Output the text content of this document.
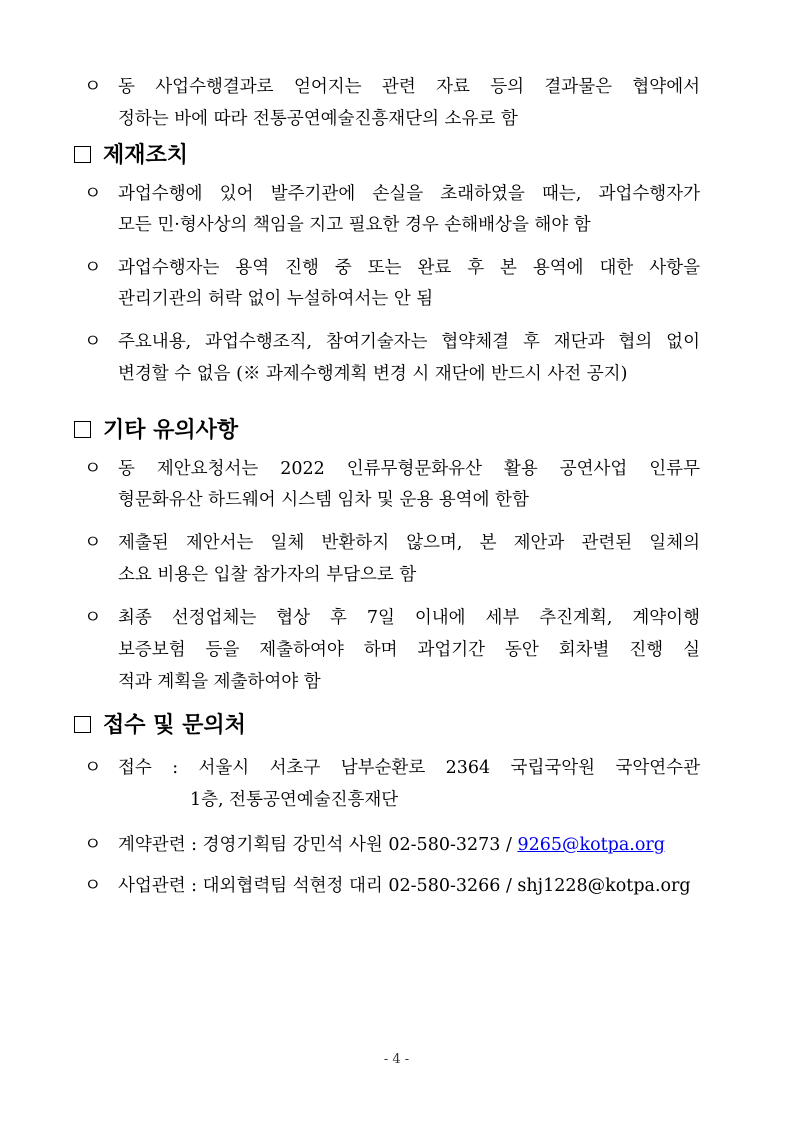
ㅇ 동 사업수행결과로 얻어지는 관련 자료 등의 결과물은 협약에서
정하는 바에 따라 전통공연예술진흥재단의 소유로 함
제재조치
ㅇ 과업수행에 있어 발주기관에 손실을 초래하였을 때는, 과업수행자가
모든 민·형사상의 책임을 지고 필요한 경우 손해배상을 해야 함
ㅇ 과업수행자는 용역 진행 중 또는 완료 후 본 용역에 대한 사항을
관리기관의 허락 없이 누설하여서는 안 됨
ㅇ 주요내용, 과업수행조직, 참여기술자는 협약체결 후 재단과 협의 없이
변경할 수 없음 (※ 과제수행계획 변경 시 재단에 반드시 사전 공지)
기타 유의사항
ㅇ 동 제안요청서는 2022 인류무형문화유산 활용 공연사업 인류무
형문화유산 하드웨어 시스템 임차 및 운용 용역에 한함
ㅇ 제출된 제안서는 일체 반환하지 않으며, 본 제안과 관련된 일체의
소요 비용은 입찰 참가자의 부담으로 함
ㅇ 최종 선정업체는 협상 후 7일 이내에 세부 추진계획, 계약이행
보증보험 등을 제출하여야 하며 과업기간 동안 회차별 진행 실
적과 계획을 제출하여야 함
접수 및 문의처
ㅇ 접수 : 서울시 서초구 남부순환로 2364 국립국악원 국악연수관
1층, 전통공연예술진흥재단
ㅇ 계약관련 : 경영기획팀 강민석 사원 02-580-3273 / 9265@kotpa.org
ㅇ 사업관련 : 대외협력팀 석현정 대리 02-580-3266 / shj1228@kotpa.org
- 4 -
